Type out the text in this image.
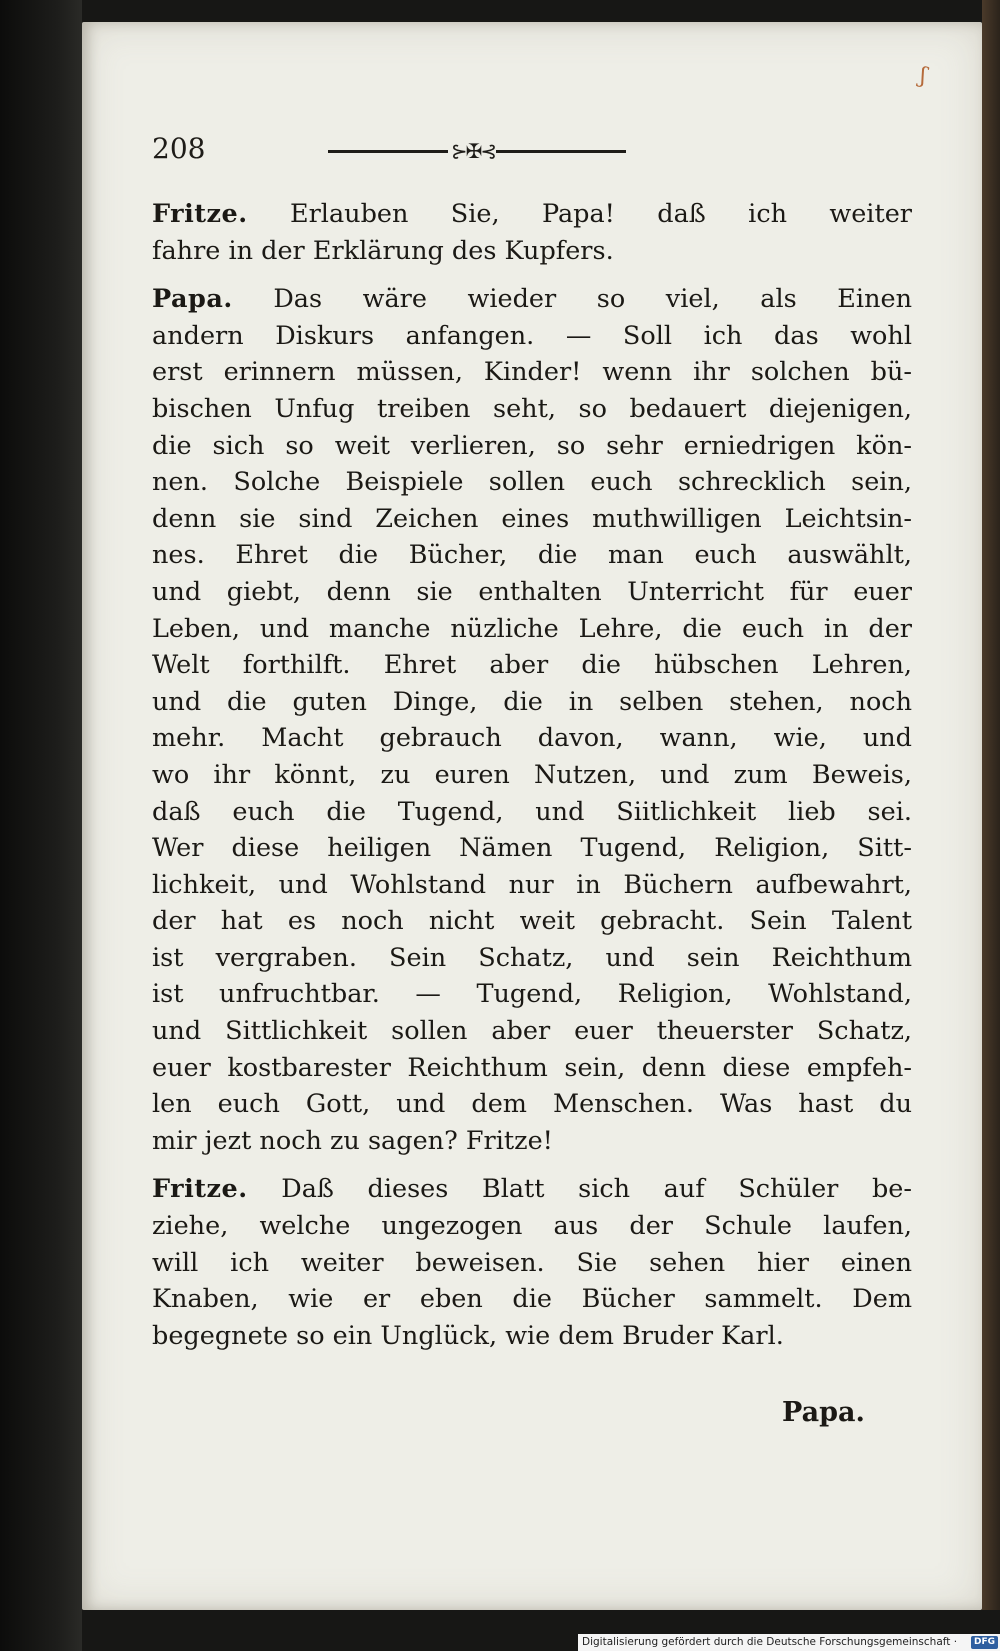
ʃ
208	⊱✠⊰
Fritze. Erlauben Sie, Papa! daß ich weiter
fahre in der Erklärung des Kupfers.
Papa. Das wäre wieder so viel, als Einen
andern Diskurs anfangen. — Soll ich das wohl
erst erinnern müssen, Kinder! wenn ihr solchen bü-
bischen Unfug treiben seht, so bedauert diejenigen,
die sich so weit verlieren, so sehr erniedrigen kön-
nen. Solche Beispiele sollen euch schrecklich sein,
denn sie sind Zeichen eines muthwilligen Leichtsin-
nes. Ehret die Bücher, die man euch auswählt,
und giebt, denn sie enthalten Unterricht für euer
Leben, und manche nüzliche Lehre, die euch in der
Welt forthilft. Ehret aber die hübschen Lehren,
und die guten Dinge, die in selben stehen, noch
mehr. Macht gebrauch davon, wann, wie, und
wo ihr könnt, zu euren Nutzen, und zum Beweis,
daß euch die Tugend, und Siitlichkeit lieb sei.
Wer diese heiligen Nämen Tugend, Religion, Sitt-
lichkeit, und Wohlstand nur in Büchern aufbewahrt,
der hat es noch nicht weit gebracht. Sein Talent
ist vergraben. Sein Schatz, und sein Reichthum
ist unfruchtbar. — Tugend, Religion, Wohlstand,
und Sittlichkeit sollen aber euer theuerster Schatz,
euer kostbarester Reichthum sein, denn diese empfeh-
len euch Gott, und dem Menschen. Was hast du
mir jezt noch zu sagen? Fritze!
Fritze. Daß dieses Blatt sich auf Schüler be-
ziehe, welche ungezogen aus der Schule laufen,
will ich weiter beweisen. Sie sehen hier einen
Knaben, wie er eben die Bücher sammelt. Dem
begegnete so ein Unglück, wie dem Bruder Karl.
Papa.
Digitalisierung gefördert durch die Deutsche Forschungsgemeinschaft ·	DFG
